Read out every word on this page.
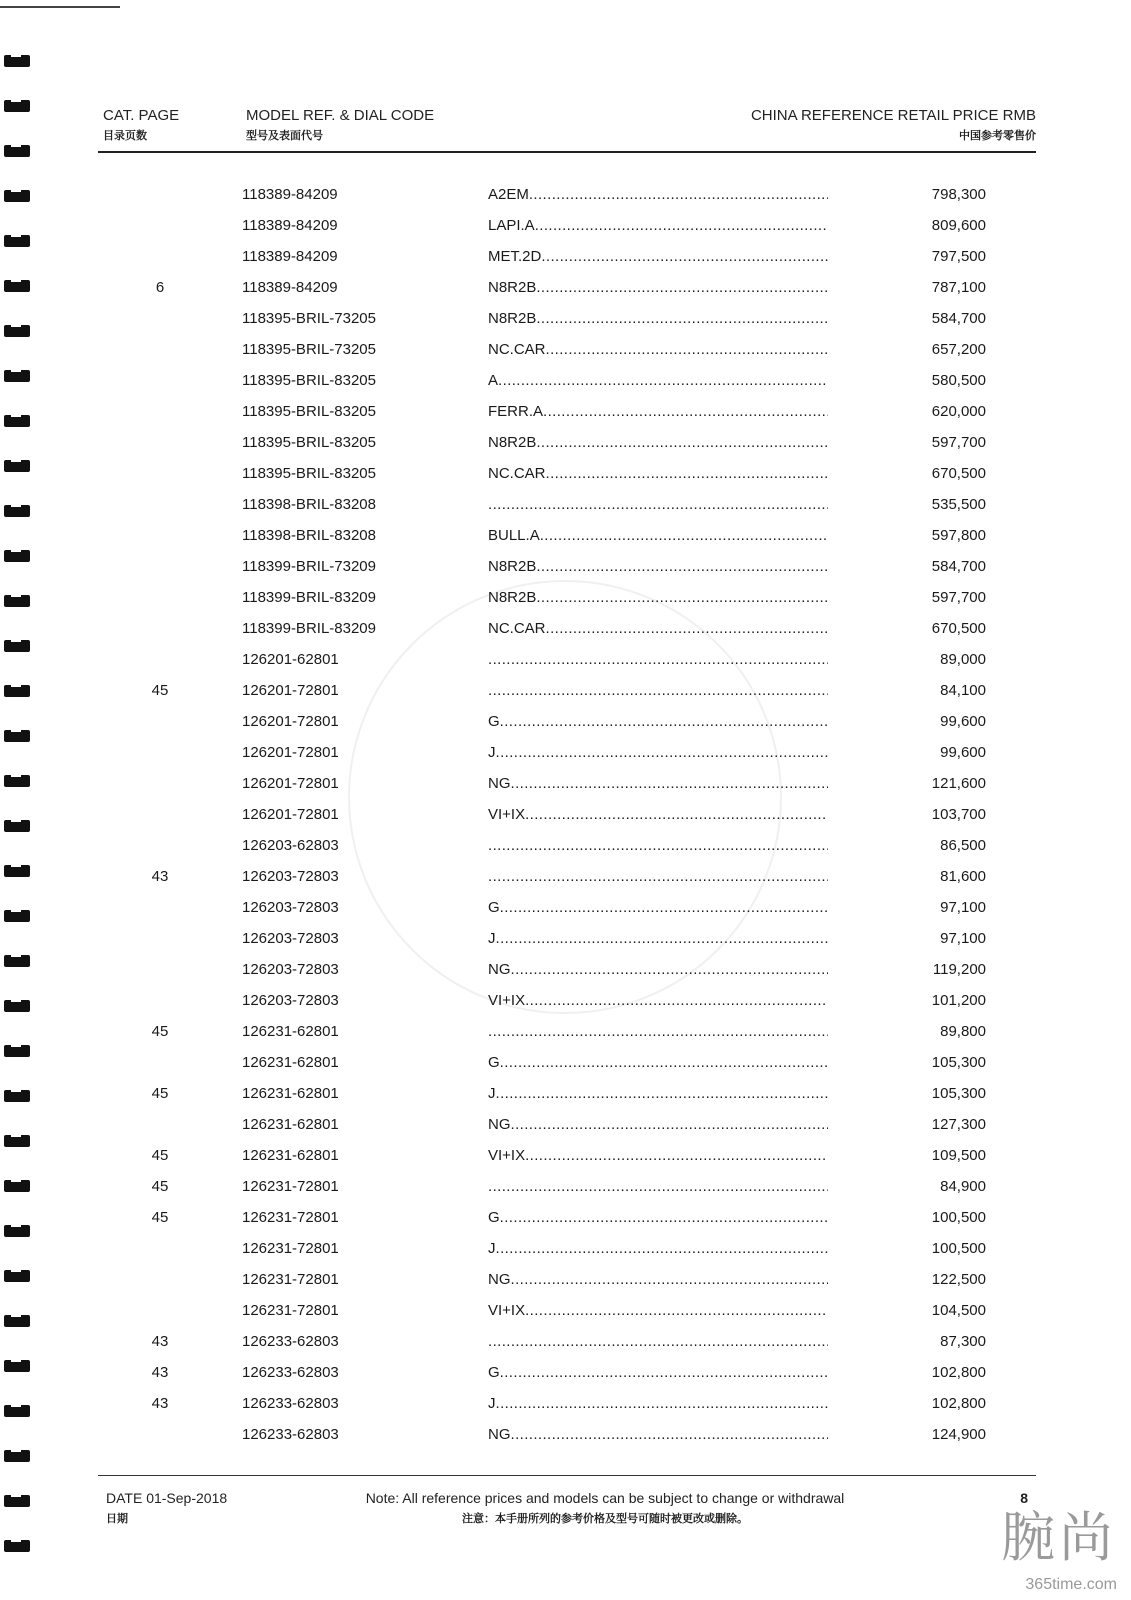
CAT. PAGE
目录页数
MODEL REF. & DIAL CODE
型号及表面代号
CHINA REFERENCE RETAIL PRICE RMB
中国参考零售价
118389-84209	A2EM .....	798,300
118389-84209	LAPI.A .....	809,600
118389-84209	MET.2D .....	797,500
6	118389-84209	N8R2B .....	787,100
118395-BRIL-73205	N8R2B .....	584,700
118395-BRIL-73205	NC.CAR .....	657,200
118395-BRIL-83205	A .....	580,500
118395-BRIL-83205	FERR.A .....	620,000
118395-BRIL-83205	N8R2B .....	597,700
118395-BRIL-83205	NC.CAR .....	670,500
118398-BRIL-83208 .....	535,500
118398-BRIL-83208	BULL.A .....	597,800
118399-BRIL-73209	N8R2B .....	584,700
118399-BRIL-83209	N8R2B .....	597,700
118399-BRIL-83209	NC.CAR .....	670,500
126201-62801 .....	89,000
45	126201-72801 .....	84,100
126201-72801	G .....	99,600
126201-72801	J .....	99,600
126201-72801	NG .....	121,600
126201-72801	VI+IX .....	103,700
126203-62803 .....	86,500
43	126203-72803 .....	81,600
126203-72803	G .....	97,100
126203-72803	J .....	97,100
126203-72803	NG .....	119,200
126203-72803	VI+IX .....	101,200
45	126231-62801 .....	89,800
126231-62801	G .....	105,300
45	126231-62801	J .....	105,300
126231-62801	NG .....	127,300
45	126231-62801	VI+IX .....	109,500
45	126231-72801 .....	84,900
45	126231-72801	G .....	100,500
126231-72801	J .....	100,500
126231-72801	NG .....	122,500
126231-72801	VI+IX .....	104,500
43	126233-62803 .....	87,300
43	126233-62803	G .....	102,800
43	126233-62803	J .....	102,800
126233-62803	NG .....	124,900
DATE 01-Sep-2018
日期
Note: All reference prices and models can be subject to change or withdrawal
注意：本手册所列的参考价格及型号可随时被更改或删除。
8
腕尚
365time.com
